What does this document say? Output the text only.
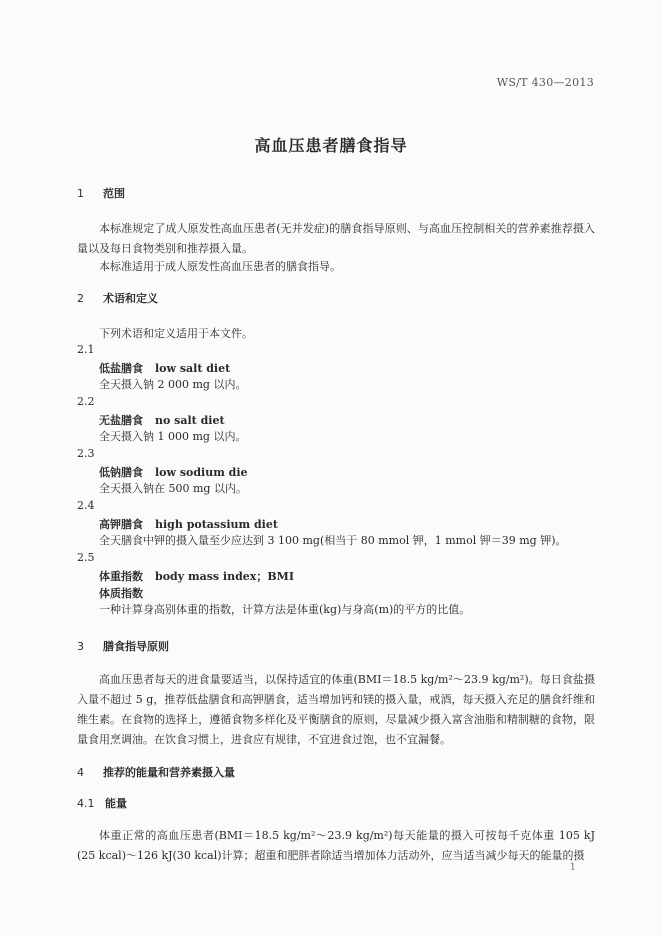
WS/T 430—2013
高血压患者膳食指导
1 范围
本标准规定了成人原发性高血压患者(无并发症)的膳食指导原则、与高血压控制相关的营养素推荐摄入量以及每日食物类别和推荐摄入量。
本标准适用于成人原发性高血压患者的膳食指导。
2 术语和定义
下列术语和定义适用于本文件。
2.1
低盐膳食 low salt diet
全天摄入钠 2 000 mg 以内。
2.2
无盐膳食 no salt diet
全天摄入钠 1 000 mg 以内。
2.3
低钠膳食 low sodium die
全天摄入钠在 500 mg 以内。
2.4
高钾膳食 high potassium diet
全天膳食中钾的摄入量至少应达到 3 100 mg(相当于 80 mmol 钾，1 mmol 钾＝39 mg 钾)。
2.5
体重指数 body mass index；BMI
体质指数
一种计算身高别体重的指数，计算方法是体重(kg)与身高(m)的平方的比值。
3 膳食指导原则
高血压患者每天的进食量要适当，以保持适宜的体重(BMI＝18.5 kg/m²～23.9 kg/m²)。每日食盐摄入量不超过 5 g，推荐低盐膳食和高钾膳食，适当增加钙和镁的摄入量，戒酒，每天摄入充足的膳食纤维和维生素。在食物的选择上，遵循食物多样化及平衡膳食的原则，尽量减少摄入富含油脂和精制糖的食物，限量食用烹调油。在饮食习惯上，进食应有规律，不宜进食过饱，也不宜漏餐。
4 推荐的能量和营养素摄入量
4.1 能量
体重正常的高血压患者(BMI＝18.5 kg/m²～23.9 kg/m²)每天能量的摄入可按每千克体重 105 kJ (25 kcal)～126 kJ(30 kcal)计算；超重和肥胖者除适当增加体力活动外，应当适当减少每天的能量的摄
1
